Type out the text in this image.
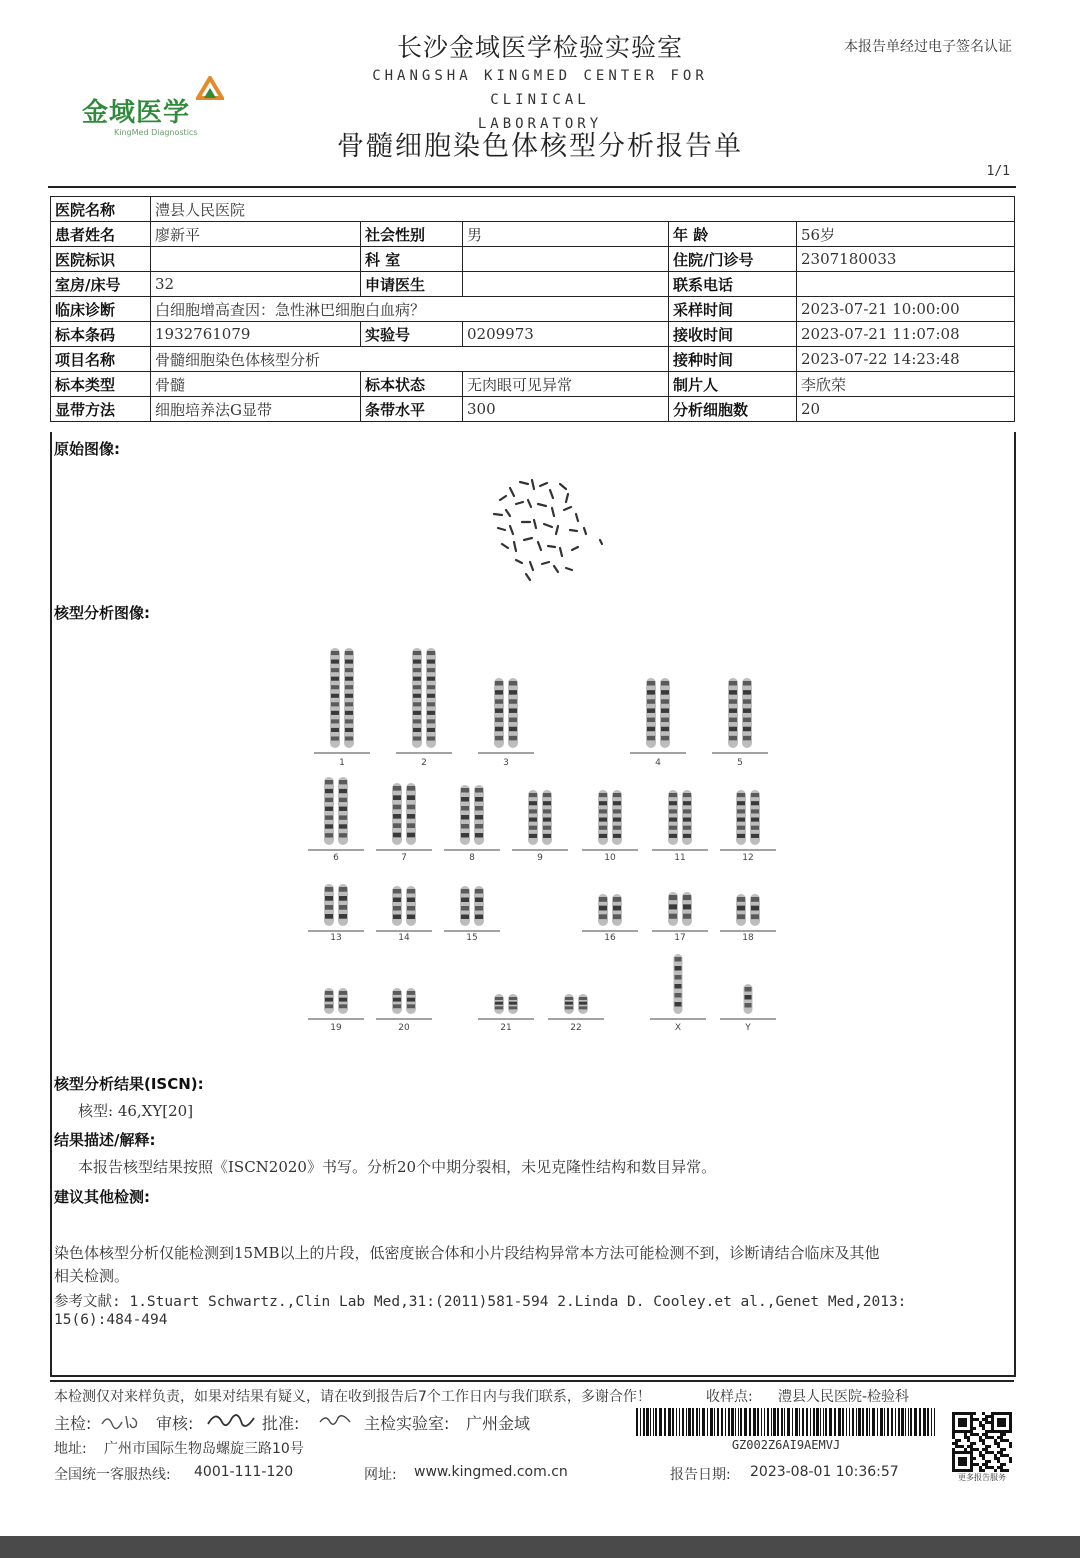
金域医学
KingMed Diagnostics
长沙金域医学检验实验室
CHANGSHA KINGMED CENTER FOR CLINICAL
LABORATORY
本报告单经过电子签名认证
骨髓细胞染色体核型分析报告单
1/1
医院名称	澧县人民医院				
患者姓名	廖新平	社会性别	男	年 龄	56岁
医院标识		科 室		住院/门诊号	2307180033
室房/床号	32	申请医生		联系电话	
临床诊断	白细胞增高查因：急性淋巴细胞白血病？			采样时间	2023-07-21 10:00:00
标本条码	1932761079	实验号	0209973	接收时间	2023-07-21 11:07:08
项目名称	骨髓细胞染色体核型分析			接种时间	2023-07-22 14:23:48
标本类型	骨髓	标本状态	无肉眼可见异常	制片人	李欣荣
显带方法	细胞培养法G显带	条带水平	300	分析细胞数	20
原始图像:
核型分析图像:
1	2	3	4	5
6	7	8	9	10	11	12
13	14	15	16	17	18
19	20	21	22	X	Y
核型分析结果(ISCN):
核型: 46,XY[20]
结果描述/解释:
本报告核型结果按照《ISCN2020》书写。分析20个中期分裂相，未见克隆性结构和数目异常。
建议其他检测:
染色体核型分析仅能检测到15MB以上的片段，低密度嵌合体和小片段结构异常本方法可能检测不到，诊断请结合临床及其他
相关检测。
参考文献: 1.Stuart Schwartz.,Clin Lab Med,31:(2011)581-594 2.Linda D. Cooley.et al.,Genet Med,2013:
15(6):484-494
本检测仅对来样负责，如果对结果有疑义，请在收到报告后7个工作日内与我们联系，多谢合作！	收样点: 澧县人民医院-检验科
主检:	审核:	批准:	主检实验室: 广州金域
地址: 广州市国际生物岛螺旋三路10号
全国统一客服热线: 4001-111-120	网址: www.kingmed.com.cn	报告日期: 2023-08-01 10:36:57
GZ002Z6AI9AEMVJ
更多报告服务
